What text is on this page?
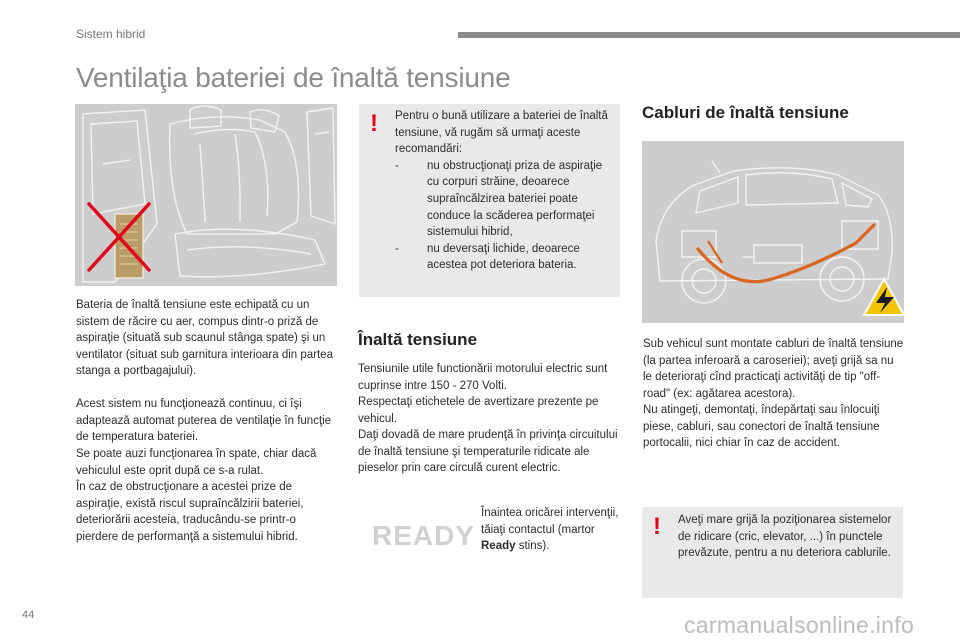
Sistem hibrid
Ventilaţia bateriei de înaltă tensiune
Bateria de înaltă tensiune este echipată cu un sistem de răcire cu aer, compus dintr-o priză de aspiraţie (situată sub scaunul stânga spate) şi un ventilator (situat sub garnitura interioara din partea stanga a portbagajului).
Acest sistem nu funcţionează continuu, ci îşi adaptează automat puterea de ventilaţie în funcţie de temperatura bateriei.
Se poate auzi funcţionarea în spate, chiar dacă vehiculul este oprit după ce s-a rulat.
În caz de obstrucţionare a acestei prize de aspiraţie, există riscul supraîncălzirii bateriei, deteriorării acesteia, traducându-se printr-o pierdere de performanţă a sistemului hibrid.
! Pentru o bună utilizare a bateriei de înaltă tensiune, vă rugăm să urmaţi aceste recomandări:
- nu obstrucţionaţi priza de aspiraţie cu corpuri străine, deoarece supraîncălzirea bateriei poate conduce la scăderea performaţei sistemului hibrid,
- nu deversaţi lichide, deoarece acestea pot deteriora bateria.
Înaltă tensiune
Tensiunile utile functionării motorului electric sunt cuprinse intre 150 - 270 Volti.
Respectaţi etichetele de avertizare prezente pe vehicul.
Daţi dovadă de mare prudenţă în privinţa circuitului de înaltă tensiune şi temperaturile ridicate ale pieselor prin care circulă curent electric.
READY
Înaintea oricărei intervenţii, tăiaţi contactul (martor Ready stins).
Cabluri de înaltă tensiune
Sub vehicul sunt montate cabluri de înaltă tensiune (la partea inferoară a caroseriei); aveţi grijă sa nu le deterioraţi cînd practicaţi activităţi de tip "off-road" (ex: agătarea acestora).
Nu atingeţi, demontaţi, îndepărtaţi sau înlocuiţi piese, cabluri, sau conectori de înaltă tensiune portocalii, nici chiar în caz de accident.
! Aveţi mare grijă la poziţionarea sistemelor de ridicare (cric, elevator, ...) în punctele prevăzute, pentru a nu deteriora cablurile.
44	carmanualsonline.info
